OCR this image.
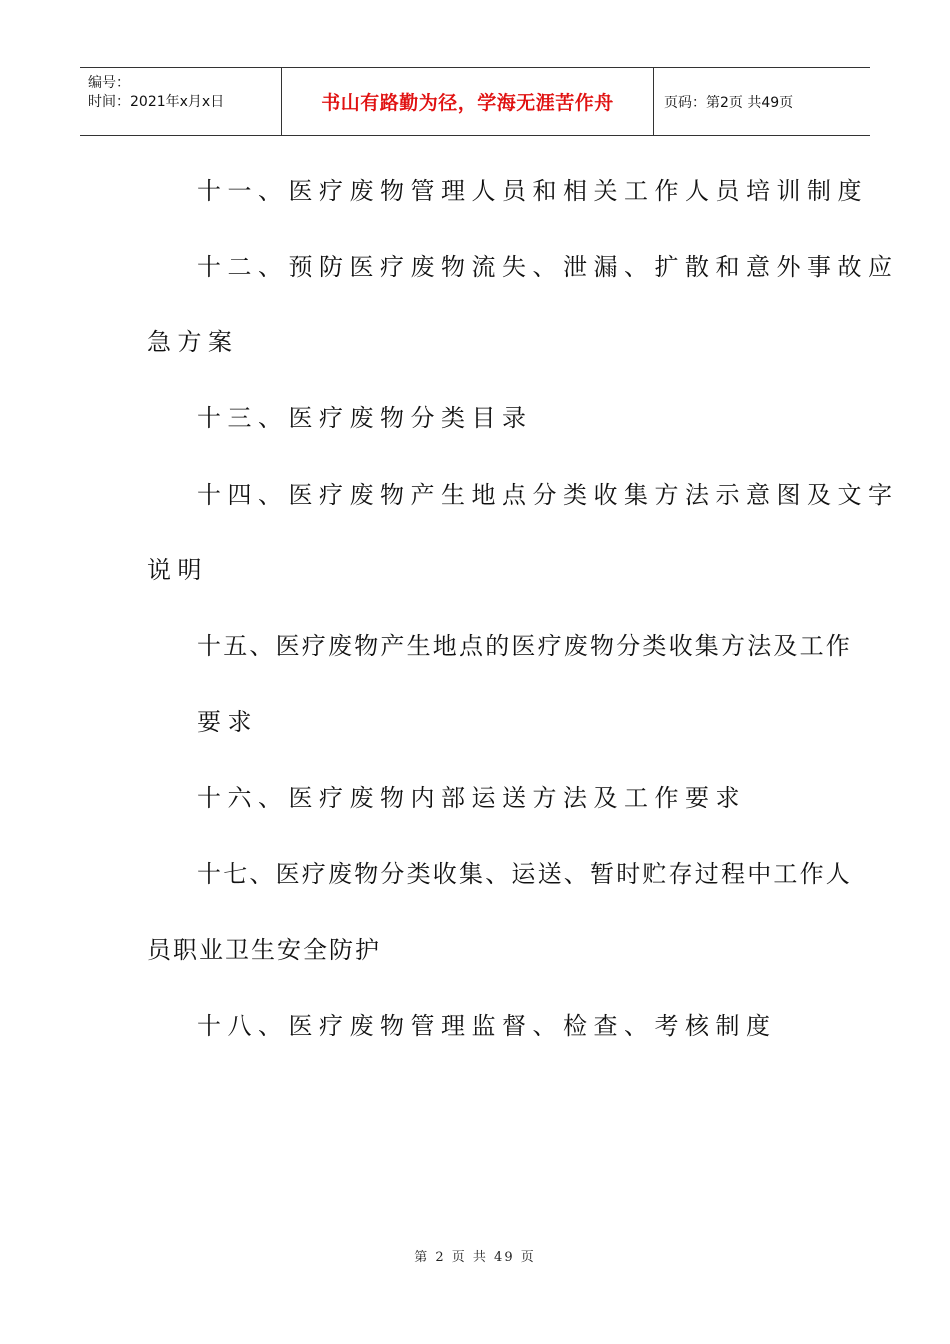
编号：
时间：2021年x月x日	书山有路勤为径，学海无涯苦作舟	页码：第2页 共49页
十一、医疗废物管理人员和相关工作人员培训制度
十二、预防医疗废物流失、泄漏、扩散和意外事故应
急方案
十三、医疗废物分类目录
十四、医疗废物产生地点分类收集方法示意图及文字
说明
十五、医疗废物产生地点的医疗废物分类收集方法及工作
要求
十六、医疗废物内部运送方法及工作要求
十七、医疗废物分类收集、运送、暂时贮存过程中工作人
员职业卫生安全防护
十八、医疗废物管理监督、检查、考核制度
第 2 页 共 49 页
